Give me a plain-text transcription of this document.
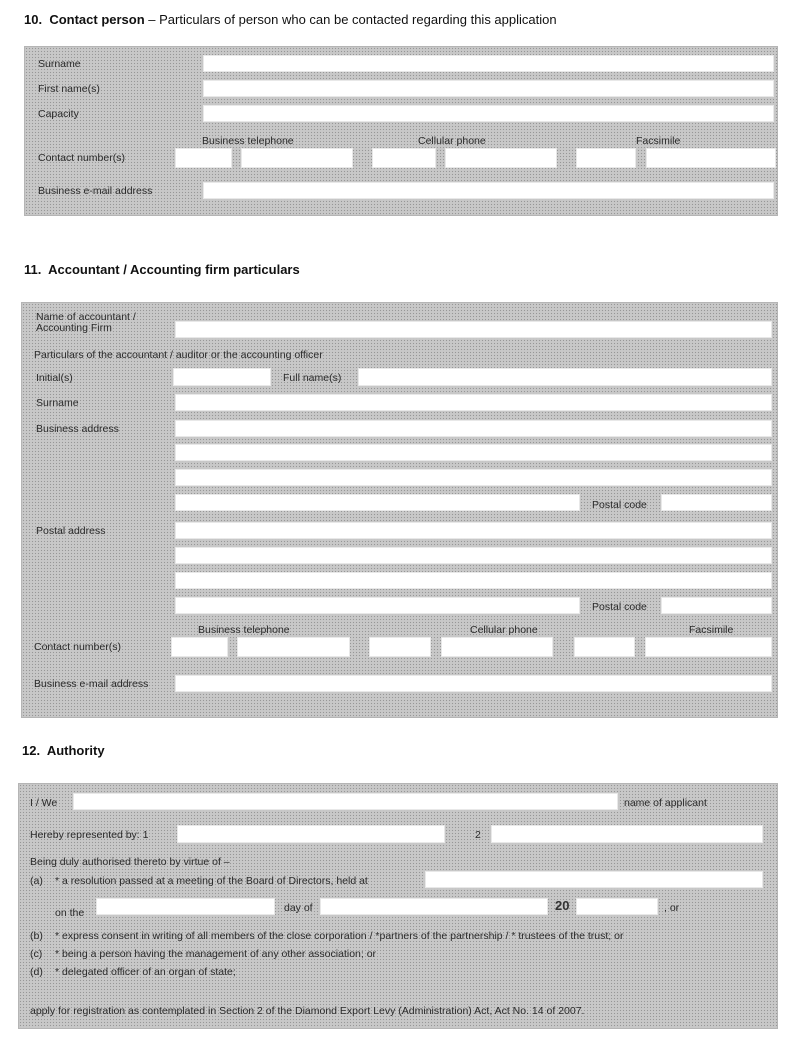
10. Contact person – Particulars of person who can be contacted regarding this application
Surname
First name(s)
Capacity
Business telephone	Cellular phone	Facsimile
Contact number(s)
Business e-mail address
11. Accountant / Accounting firm particulars
Name of accountant /
Accounting Firm
Particulars of the accountant / auditor or the accounting officer
Initial(s)	Full name(s)
Surname
Business address
Postal code
Postal address
Postal code
Business telephone	Cellular phone	Facsimile
Contact number(s)
Business e-mail address
12. Authority
I / We	name of applicant
Hereby represented by: 1	2
Being duly authorised thereto by virtue of –
(a) * a resolution passed at a meeting of the Board of Directors, held at
on the	day of	20	, or
(b) * express consent in writing of all members of the close corporation / *partners of the partnership / * trustees of the trust; or
(c) * being a person having the management of any other association; or
(d) * delegated officer of an organ of state;
apply for registration as contemplated in Section 2 of the Diamond Export Levy (Administration) Act, Act No. 14 of 2007.
